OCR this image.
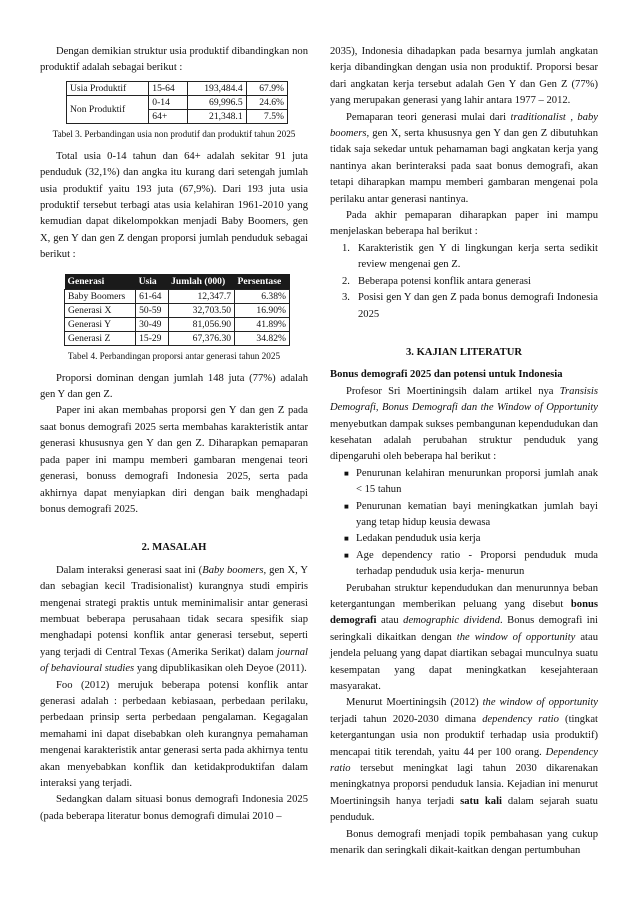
Dengan demikian struktur usia produktif dibandingkan non produktif adalah sebagai berikut :

Usia Produktif	15-64	193,484.4	67.9%
Non Produktif	0-14	69,996.5	24.6%
	64+	21,348.1	7.5%

Tabel 3. Perbandingan usia non produtif dan produktif tahun 2025

Total usia 0-14 tahun dan 64+ adalah sekitar 91 juta penduduk (32,1%) dan angka itu kurang dari setengah jumlah usia produktif yaitu 193 juta (67,9%). Dari 193 juta usia produktif tersebut terbagi atas usia kelahiran 1961-2010 yang kemudian dapat dikelompokkan menjadi Baby Boomers, gen X, gen Y dan gen Z dengan proporsi jumlah penduduk sebagai berikut :

Generasi	Usia	Jumlah (000)	Persentase
Baby Boomers	61-64	12,347.7	6.38%
Generasi X	50-59	32,703.50	16.90%
Generasi Y	30-49	81,056.90	41.89%
Generasi Z	15-29	67,376.30	34.82%

Tabel 4. Perbandingan proporsi antar generasi tahun 2025

Proporsi dominan dengan jumlah 148 juta (77%) adalah gen Y dan gen Z.

Paper ini akan membahas proporsi gen Y dan gen Z pada saat bonus demografi 2025 serta membahas karakteristik antar generasi khususnya gen Y dan gen Z. Diharapkan pemaparan pada paper ini mampu memberi gambaran mengenai teori generasi, bonuss demografi Indonesia 2025, serta pada akhirnya dapat menyiapkan diri dengan baik menghadapi bonus demografi 2025.

2. MASALAH

Dalam interaksi generasi saat ini (Baby boomers, gen X, Y dan sebagian kecil Tradisionalist) kurangnya studi empiris mengenai strategi praktis untuk meminimalisir antar generasi membuat beberapa perusahaan tidak secara spesifik siap menghadapi potensi konflik antar generasi tersebut, seperti yang terjadi di Central Texas (Amerika Serikat) dalam journal of behavioural studies yang dipublikasikan oleh Deyoe (2011).

Foo (2012) merujuk beberapa potensi konflik antar generasi adalah : perbedaan kebiasaan, perbedaan perilaku, perbedaan prinsip serta perbedaan pengalaman. Kegagalan memahami ini dapat disebabkan oleh kurangnya pemahaman mengenai karakteristik antar generasi serta pada akhirnya tentu akan menyebabkan konflik dan ketidakproduktifan dalam interaksi yang terjadi.

Sedangkan dalam situasi bonus demografi Indonesia 2025 (pada beberapa literatur bonus demografi dimulai 2010 –

2035), Indonesia dihadapkan pada besarnya jumlah angkatan kerja dibandingkan dengan usia non produktif. Proporsi besar dari angkatan kerja tersebut adalah Gen Y dan Gen Z (77%) yang merupakan generasi yang lahir antara 1977 – 2012.

Pemaparan teori generasi mulai dari traditionalist , baby boomers, gen X, serta khususnya gen Y dan gen Z dibutuhkan tidak saja sekedar untuk pehamaman bagi angkatan kerja yang nantinya akan berinteraksi pada saat bonus demografi, akan tetapi diharapkan mampu memberi gambaran mengenai pola perilaku antar generasi nantinya.

Pada akhir pemaparan diharapkan paper ini mampu menjelaskan beberapa hal berikut :

1. Karakteristik gen Y di lingkungan kerja serta sedikit review mengenai gen Z.
2. Beberapa potensi konflik antara generasi
3. Posisi gen Y dan gen Z pada bonus demografi Indonesia 2025
3. KAJIAN LITERATUR
Bonus demografi 2025 dan potensi untuk Indonesia

Profesor Sri Moertiningsih dalam artikel nya Transisis Demografi, Bonus Demografi dan the Window of Opportunity menyebutkan dampak sukses pembangunan kependudukan dan kesehatan adalah perubahan struktur penduduk yang dipengaruhi oleh beberapa hal berikut :

■ Penurunan kelahiran menurunkan proporsi jumlah anak < 15 tahun
■ Penurunan kematian bayi meningkatkan jumlah bayi yang tetap hidup keusia dewasa
■ Ledakan penduduk usia kerja
■ Age dependency ratio - Proporsi penduduk muda terhadap penduduk usia kerja- menurun

Perubahan struktur kependudukan dan menurunnya beban ketergantungan memberikan peluang yang disebut bonus demografi atau demographic dividend. Bonus demografi ini seringkali dikaitkan dengan the window of opportunity atau jendela peluang yang dapat diartikan sebagai munculnya suatu kesempatan yang dapat meningkatkan kesejahteraan masyarakat.

Menurut Moertiningsih (2012) the window of opportunity terjadi tahun 2020-2030 dimana dependency ratio (tingkat ketergantungan usia non produktif terhadap usia produktif) mencapai titik terendah, yaitu 44 per 100 orang. Dependency ratio tersebut meningkat lagi tahun 2030 dikarenakan meningkatnya proporsi penduduk lansia. Kejadian ini menurut Moertiningsih hanya terjadi satu kali dalam sejarah suatu penduduk.

Bonus demografi menjadi topik pembahasan yang cukup menarik dan seringkali dikait-kaitkan dengan pertumbuhan
